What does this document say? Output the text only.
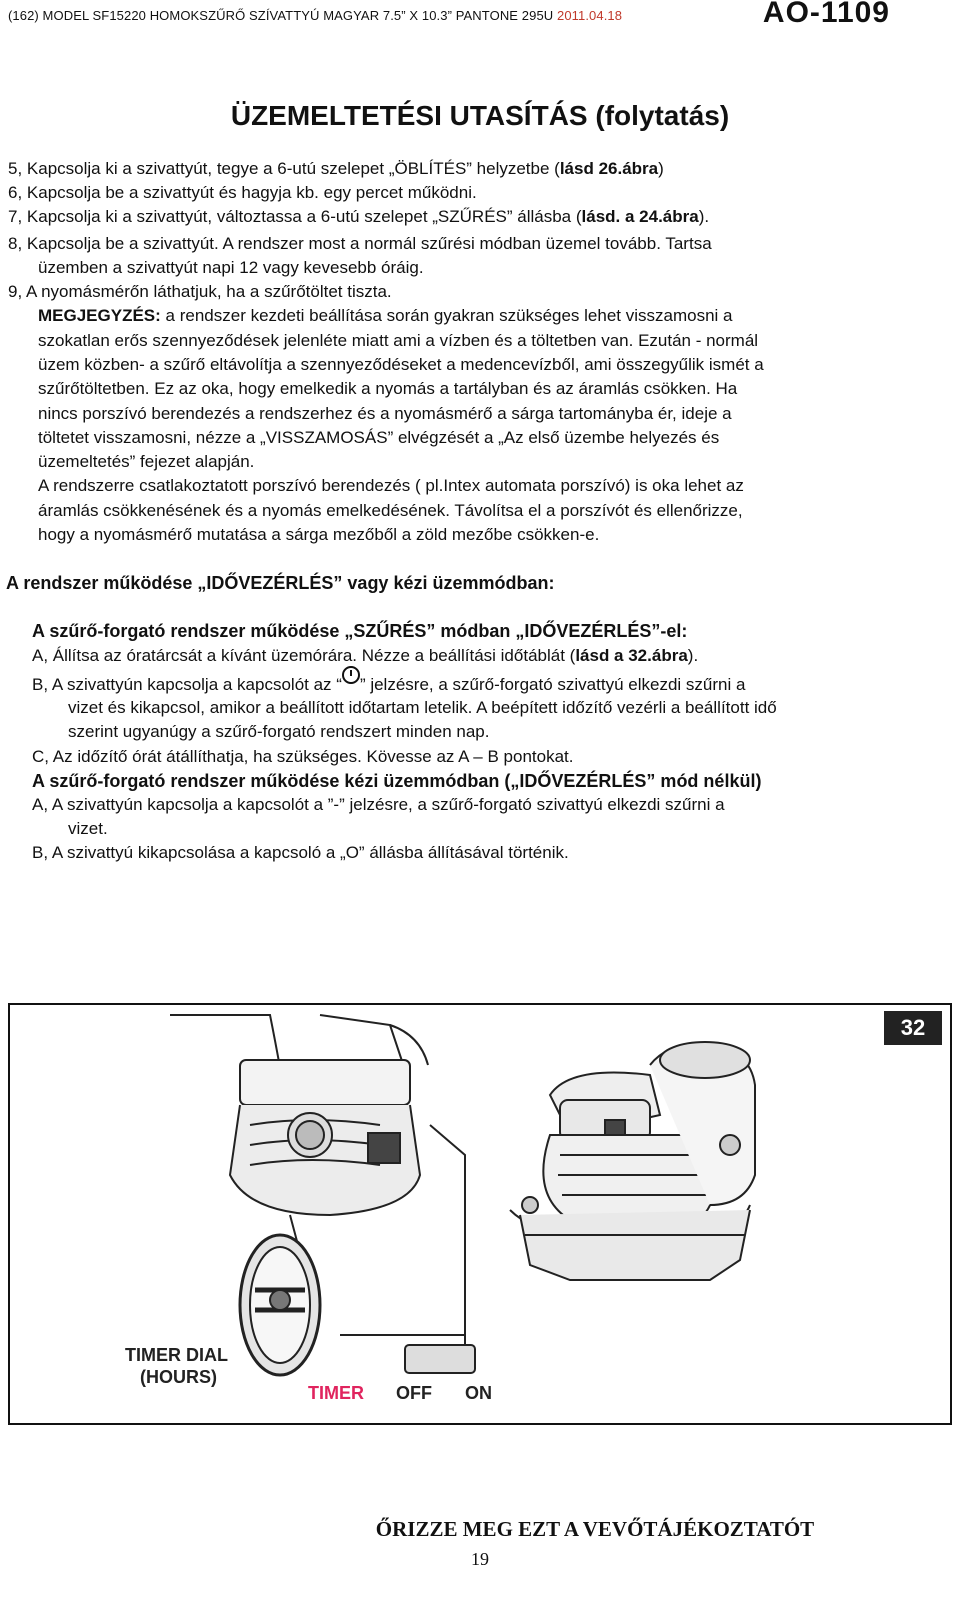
(162) MODEL SF15220 HOMOKSZŰRŐ SZÍVATTYÚ MAGYAR 7.5” X 10.3” PANTONE 295U 2011.04.18	AO-1109
ÜZEMELTETÉSI UTASÍTÁS (folytatás)
5, Kapcsolja ki a szivattyút, tegye a 6-utú szelepet „ÖBLÍTÉS” helyzetbe (lásd 26.ábra)
6, Kapcsolja be a szivattyút és hagyja kb. egy percet működni.
7, Kapcsolja ki a szivattyút, változtassa a 6-utú szelepet „SZŰRÉS” állásba (lásd. a 24.ábra).
8, Kapcsolja be a szivattyút. A rendszer most a normál szűrési módban üzemel tovább. Tartsa
üzemben a szivattyút napi 12 vagy kevesebb óráig.
9, A nyomásmérőn láthatjuk, ha a szűrőtöltet tiszta.
MEGJEGYZÉS: a rendszer kezdeti beállítása során gyakran szükséges lehet visszamosni a
szokatlan erős szennyeződések jelenléte miatt ami a vízben és a töltetben van. Ezután - normál
üzem közben- a szűrő eltávolítja a szennyeződéseket a medencevízből, ami összegyűlik ismét a
szűrőtöltetben. Ez az oka, hogy emelkedik a nyomás a tartályban és az áramlás csökken. Ha
nincs porszívó berendezés a rendszerhez és a nyomásmérő a sárga tartományba ér, ideje a
töltetet visszamosni, nézze a „VISSZAMOSÁS” elvégzését a „Az első üzembe helyezés és
üzemeltetés” fejezet alapján.
A rendszerre csatlakoztatott porszívó berendezés ( pl.Intex automata porszívó) is oka lehet az
áramlás csökkenésének és a nyomás emelkedésének. Távolítsa el a porszívót és ellenőrizze,
hogy a nyomásmérő mutatása a sárga mezőből a zöld mezőbe csökken-e.
A rendszer működése „IDŐVEZÉRLÉS” vagy kézi üzemmódban:
A szűrő-forgató rendszer működése „SZŰRÉS” módban „IDŐVEZÉRLÉS”-el:
A, Állítsa az óratárcsát a kívánt üzemórára. Nézze a beállítási időtáblát (lásd a 32.ábra).
B, A szivattyún kapcsolja a kapcsolót az “ ” jelzésre, a szűrő-forgató szivattyú elkezdi szűrni a
vizet és kikapcsol, amikor a beállított időtartam letelik. A beépített időzítő vezérli a beállított idő
szerint ugyanúgy a szűrő-forgató rendszert minden nap.
C, Az időzítő órát átállíthatja, ha szükséges. Kövesse az A – B pontokat.
A szűrő-forgató rendszer működése kézi üzemmódban („IDŐVEZÉRLÉS” mód nélkül)
A, A szivattyún kapcsolja a kapcsolót a ”-” jelzésre, a szűrő-forgató szivattyú elkezdi szűrni a
vizet.
B, A szivattyú kikapcsolása a kapcsoló a „O” állásba állításával történik.
32
TIMER DIAL
(HOURS)
TIMER OFF ON
ŐRIZZE MEG EZT A VEVŐTÁJÉKOZTATÓT
19
